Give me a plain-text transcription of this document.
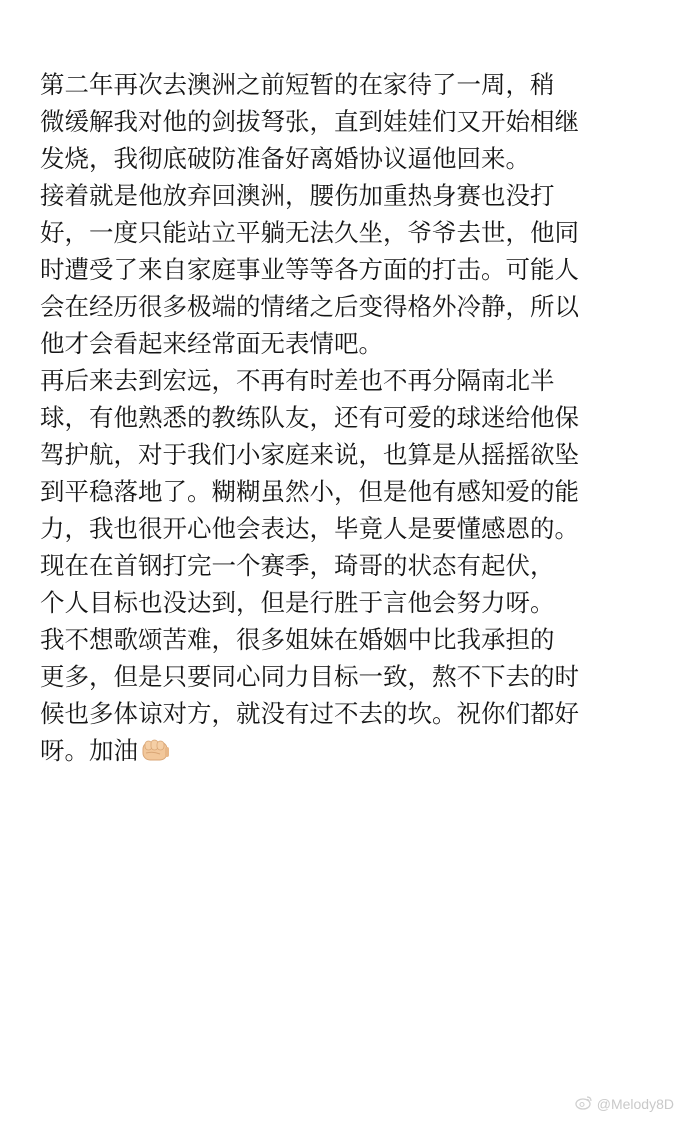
第二年再次去澳洲之前短暂的在家待了一周，稍
微缓解我对他的剑拔弩张，直到娃娃们又开始相继
发烧，我彻底破防准备好离婚协议逼他回来。
接着就是他放弃回澳洲，腰伤加重热身赛也没打
好，一度只能站立平躺无法久坐，爷爷去世，他同
时遭受了来自家庭事业等等各方面的打击。可能人
会在经历很多极端的情绪之后变得格外冷静，所以
他才会看起来经常面无表情吧。
再后来去到宏远，不再有时差也不再分隔南北半
球，有他熟悉的教练队友，还有可爱的球迷给他保
驾护航，对于我们小家庭来说，也算是从摇摇欲坠
到平稳落地了。糊糊虽然小，但是他有感知爱的能
力，我也很开心他会表达，毕竟人是要懂感恩的。
现在在首钢打完一个赛季，琦哥的状态有起伏，
个人目标也没达到，但是行胜于言他会努力呀。
我不想歌颂苦难，很多姐妹在婚姻中比我承担的
更多，但是只要同心同力目标一致，熬不下去的时
候也多体谅对方，就没有过不去的坎。祝你们都好
呀。加油
@Melody8D
